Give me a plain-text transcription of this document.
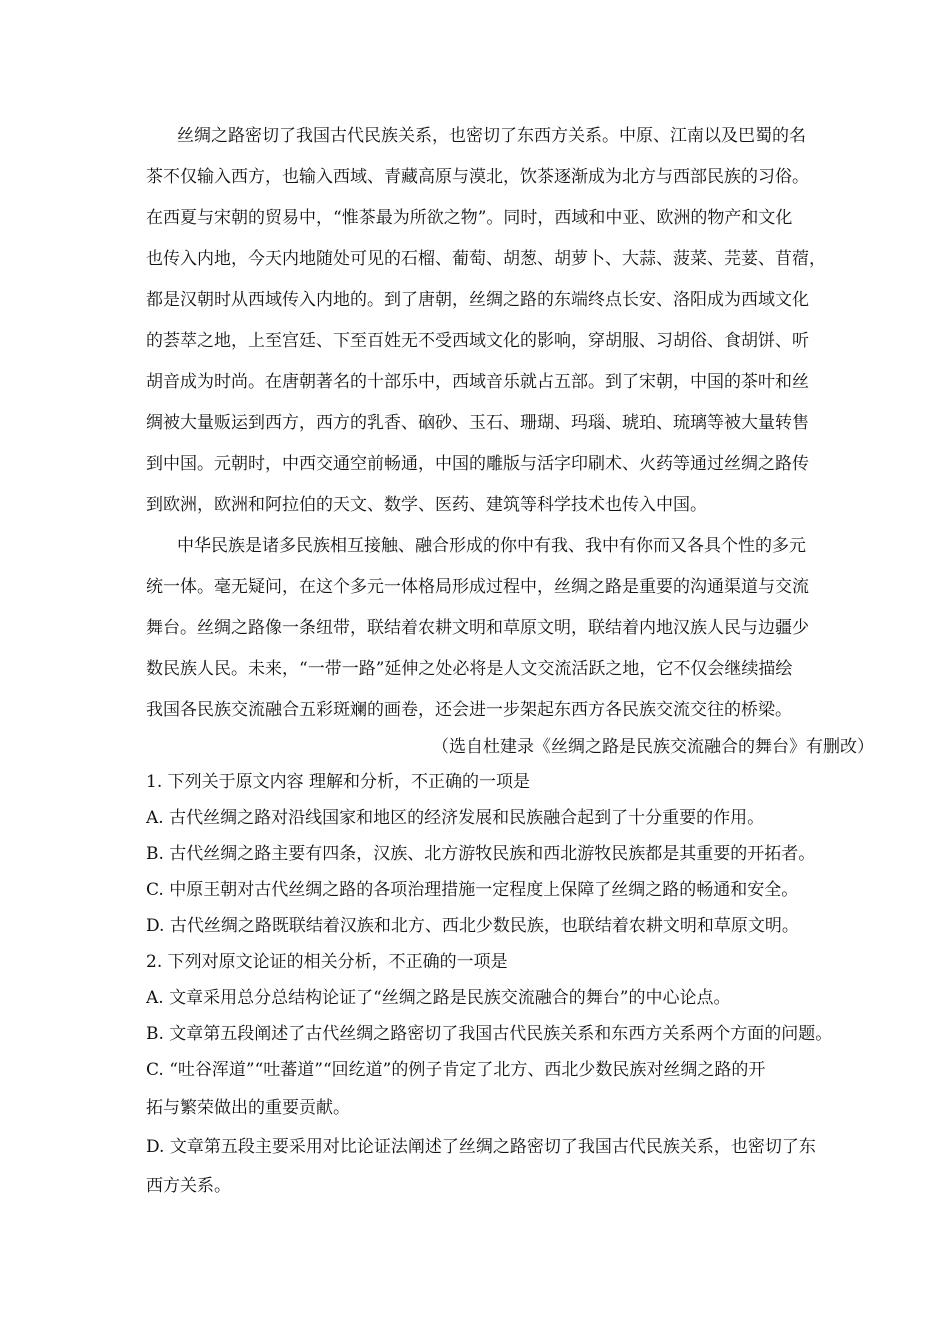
丝绸之路密切了我国古代民族关系，也密切了东西方关系。中原、江南以及巴蜀的名
茶不仅输入西方，也输入西域、青藏高原与漠北，饮茶逐渐成为北方与西部民族的习俗。
在西夏与宋朝的贸易中，“惟茶最为所欲之物”。同时，西域和中亚、欧洲的物产和文化
也传入内地，今天内地随处可见的石榴、葡萄、胡葱、胡萝卜、大蒜、菠菜、芫荽、苜蓿，
都是汉朝时从西域传入内地的。到了唐朝，丝绸之路的东端终点长安、洛阳成为西域文化
的荟萃之地，上至宫廷、下至百姓无不受西域文化的影响，穿胡服、习胡俗、食胡饼、听
胡音成为时尚。在唐朝著名的十部乐中，西域音乐就占五部。到了宋朝，中国的茶叶和丝
绸被大量贩运到西方，西方的乳香、硇砂、玉石、珊瑚、玛瑙、琥珀、琉璃等被大量转售
到中国。元朝时，中西交通空前畅通，中国的雕版与活字印刷术、火药等通过丝绸之路传
到欧洲，欧洲和阿拉伯的天文、数学、医药、建筑等科学技术也传入中国。
中华民族是诸多民族相互接触、融合形成的你中有我、我中有你而又各具个性的多元
统一体。毫无疑问，在这个多元一体格局形成过程中，丝绸之路是重要的沟通渠道与交流
舞台。丝绸之路像一条纽带，联结着农耕文明和草原文明，联结着内地汉族人民与边疆少
数民族人民。未来，“一带一路”延伸之处必将是人文交流活跃之地，它不仅会继续描绘
我国各民族交流融合五彩斑斓的画卷，还会进一步架起东西方各民族交流交往的桥梁。
（选自杜建录《丝绸之路是民族交流融合的舞台》有删改）
1. 下列关于原文内容 理解和分析，不正确的一项是
A. 古代丝绸之路对沿线国家和地区的经济发展和民族融合起到了十分重要的作用。
B. 古代丝绸之路主要有四条，汉族、北方游牧民族和西北游牧民族都是其重要的开拓者。
C. 中原王朝对古代丝绸之路的各项治理措施一定程度上保障了丝绸之路的畅通和安全。
D. 古代丝绸之路既联结着汉族和北方、西北少数民族，也联结着农耕文明和草原文明。
2. 下列对原文论证的相关分析，不正确的一项是
A. 文章采用总分总结构论证了“丝绸之路是民族交流融合的舞台”的中心论点。
B. 文章第五段阐述了古代丝绸之路密切了我国古代民族关系和东西方关系两个方面的问题。
C. “吐谷浑道”“吐蕃道”“回纥道”的例子肯定了北方、西北少数民族对丝绸之路的开
拓与繁荣做出的重要贡献。
D. 文章第五段主要采用对比论证法阐述了丝绸之路密切了我国古代民族关系，也密切了东
西方关系。
